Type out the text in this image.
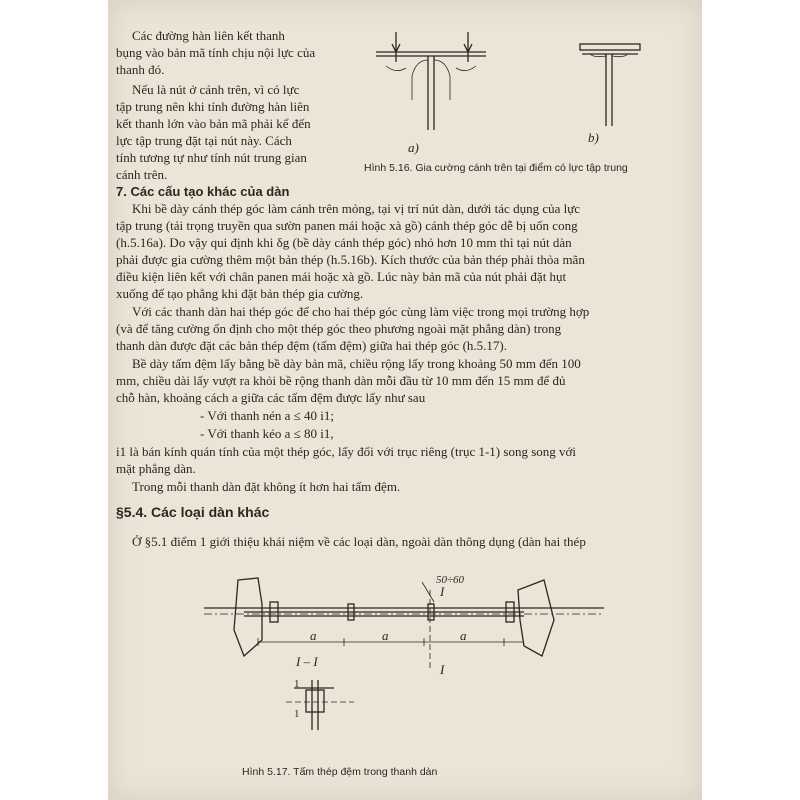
Các đường hàn liên kết thanh
bụng vào bản mã tính chịu nội lực của
thanh đó.
Nếu là nút ở cánh trên, vì có lực
tập trung nên khi tính đường hàn liên
kết thanh lớn vào bản mã phải kể đến
lực tập trung đặt tại nút này. Cách
tính tương tự như tính nút trung gian
cánh trên.
a)
b)
Hình 5.16. Gia cường cánh trên tại điểm có lực tập trung
7. Các cấu tạo khác của dàn
Khi bề dày cánh thép góc làm cánh trên mỏng, tại vị trí nút dàn, dưới tác dụng của lực
tập trung (tải trọng truyền qua sườn panen mái hoặc xà gồ) cánh thép góc dễ bị uốn cong
(h.5.16a). Do vậy qui định khi δg (bề dày cánh thép góc) nhỏ hơn 10 mm thì tại nút dàn
phải được gia cường thêm một bản thép (h.5.16b). Kích thước của bản thép phải thỏa mãn
điều kiện liên kết với chân panen mái hoặc xà gồ. Lúc này bản mã của nút phải đặt hụt
xuống để tạo phẳng khi đặt bản thép gia cường.
Với các thanh dàn hai thép góc để cho hai thép góc cùng làm việc trong mọi trường hợp
(và để tăng cường ổn định cho một thép góc theo phương ngoài mặt phẳng dàn) trong
thanh dàn được đặt các bản thép đệm (tấm đệm) giữa hai thép góc (h.5.17).
Bề dày tấm đệm lấy bằng bề dày bản mã, chiều rộng lấy trong khoảng 50 mm đến 100
mm, chiều dài lấy vượt ra khỏi bề rộng thanh dàn mỗi đầu từ 10 mm đến 15 mm để đủ
chỗ hàn, khoảng cách a giữa các tấm đệm được lấy như sau
- Với thanh nén a ≤ 40 i1;
- Với thanh kéo a ≤ 80 i1,
i1 là bán kính quán tính của một thép góc, lấy đối với trục riêng (trục 1-1) song song với
mặt phẳng dàn.
Trong mỗi thanh dàn đặt không ít hơn hai tấm đệm.
§5.4. Các loại dàn khác
Ở §5.1 điểm 1 giới thiệu khái niệm về các loại dàn, ngoài dàn thông dụng (dàn hai thép
50÷60
I
I
a	a	a
I – I
1
1
Hình 5.17. Tấm thép đệm trong thanh dàn
